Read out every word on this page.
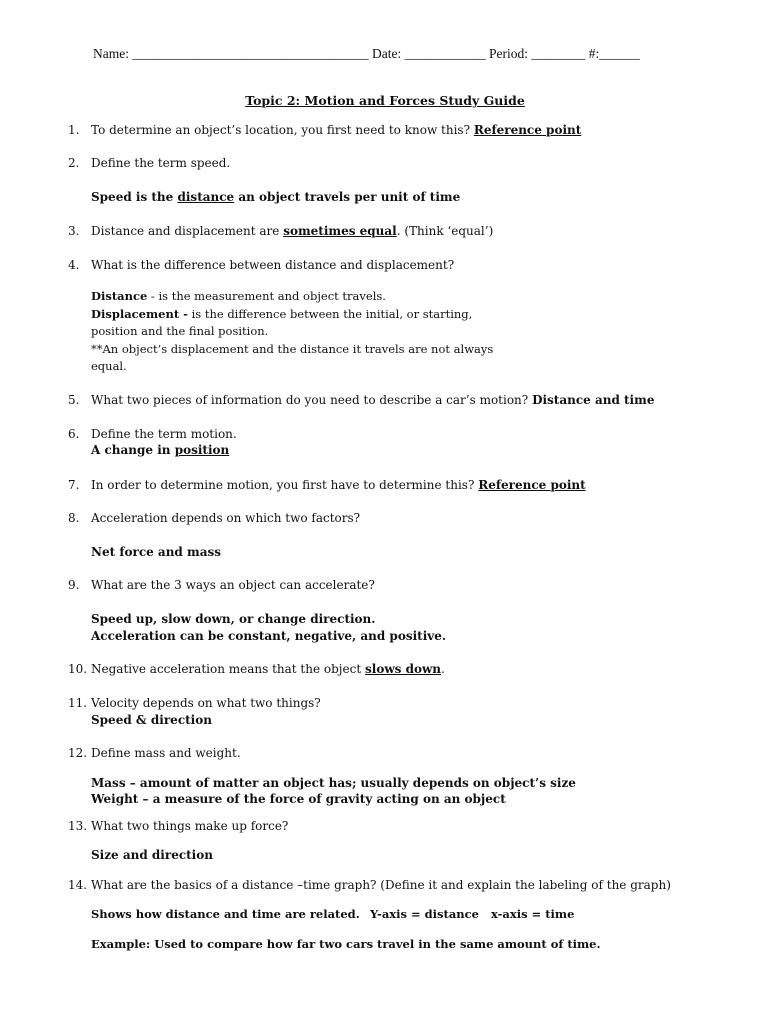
Name: ___________________________________ Date: ____________ Period: ________ #:______
Topic 2: Motion and Forces Study Guide
1. To determine an object’s location, you first need to know this? Reference point
2. Define the term speed.
Speed is the distance an object travels per unit of time
3. Distance and displacement are sometimes equal. (Think ‘equal’)
4. What is the difference between distance and displacement?
Distance - is the measurement and object travels.
Displacement - is the difference between the initial, or starting,
position and the final position.
**An object’s displacement and the distance it travels are not always
equal.
5. What two pieces of information do you need to describe a car’s motion? Distance and time
6. Define the term motion.
A change in position
7. In order to determine motion, you first have to determine this? Reference point
8. Acceleration depends on which two factors?
Net force and mass
9. What are the 3 ways an object can accelerate?
Speed up, slow down, or change direction.
Acceleration can be constant, negative, and positive.
10. Negative acceleration means that the object slows down.
11. Velocity depends on what two things?
Speed & direction
12. Define mass and weight.
Mass – amount of matter an object has; usually depends on object’s size
Weight – a measure of the force of gravity acting on an object
13. What two things make up force?
Size and direction
14. What are the basics of a distance –time graph? (Define it and explain the labeling of the graph)
Shows how distance and time are related. Y-axis = distance x-axis = time
Example: Used to compare how far two cars travel in the same amount of time.
